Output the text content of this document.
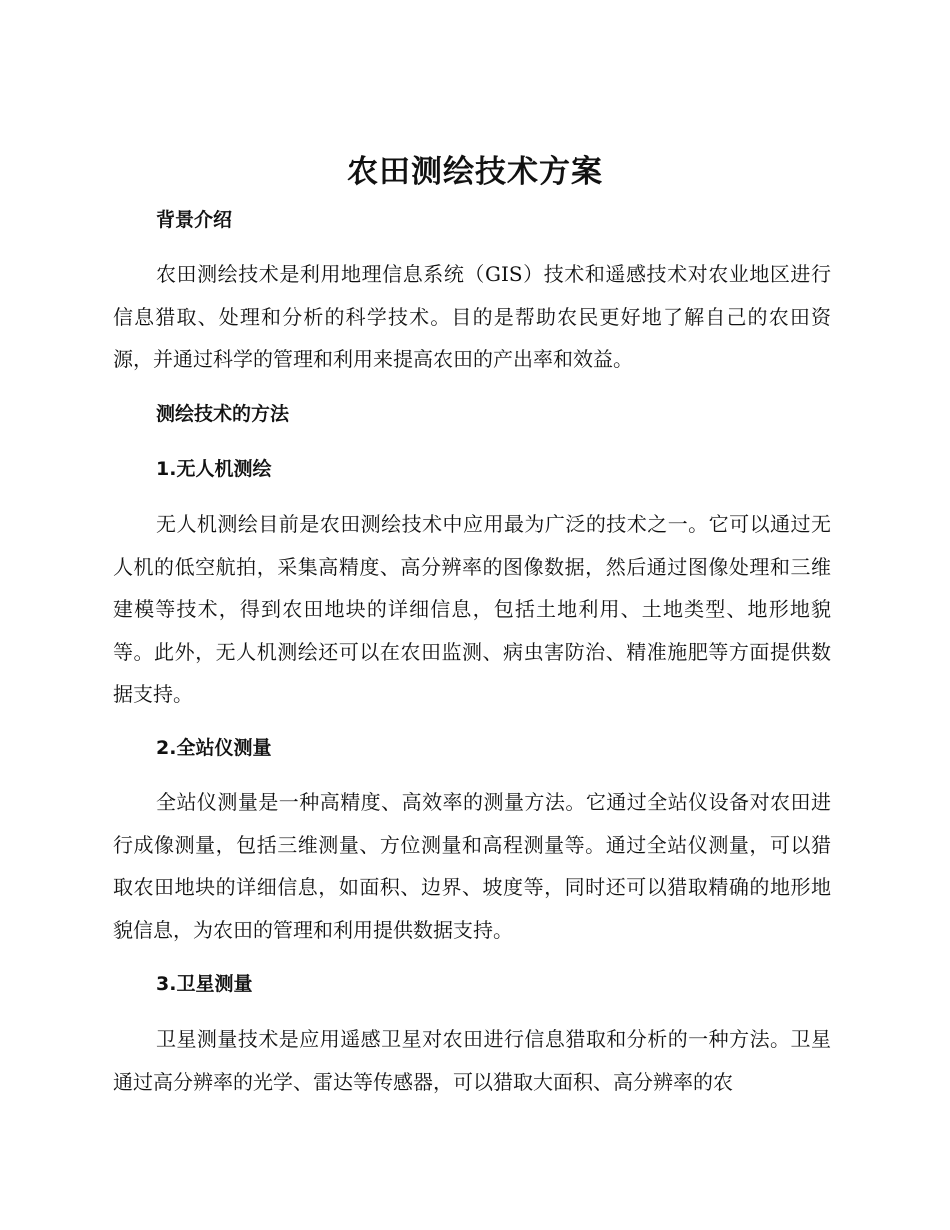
农田测绘技术方案
背景介绍
农田测绘技术是利用地理信息系统（GIS）技术和遥感技术对农业地区进行信息猎取、处理和分析的科学技术。目的是帮助农民更好地了解自己的农田资源，并通过科学的管理和利用来提高农田的产出率和效益。
测绘技术的方法
1.无人机测绘
无人机测绘目前是农田测绘技术中应用最为广泛的技术之一。它可以通过无人机的低空航拍，采集高精度、高分辨率的图像数据，然后通过图像处理和三维建模等技术，得到农田地块的详细信息，包括土地利用、土地类型、地形地貌等。此外，无人机测绘还可以在农田监测、病虫害防治、精准施肥等方面提供数据支持。
2.全站仪测量
全站仪测量是一种高精度、高效率的测量方法。它通过全站仪设备对农田进行成像测量，包括三维测量、方位测量和高程测量等。通过全站仪测量，可以猎取农田地块的详细信息，如面积、边界、坡度等，同时还可以猎取精确的地形地貌信息，为农田的管理和利用提供数据支持。
3.卫星测量
卫星测量技术是应用遥感卫星对农田进行信息猎取和分析的一种方法。卫星通过高分辨率的光学、雷达等传感器，可以猎取大面积、高分辨率的农
